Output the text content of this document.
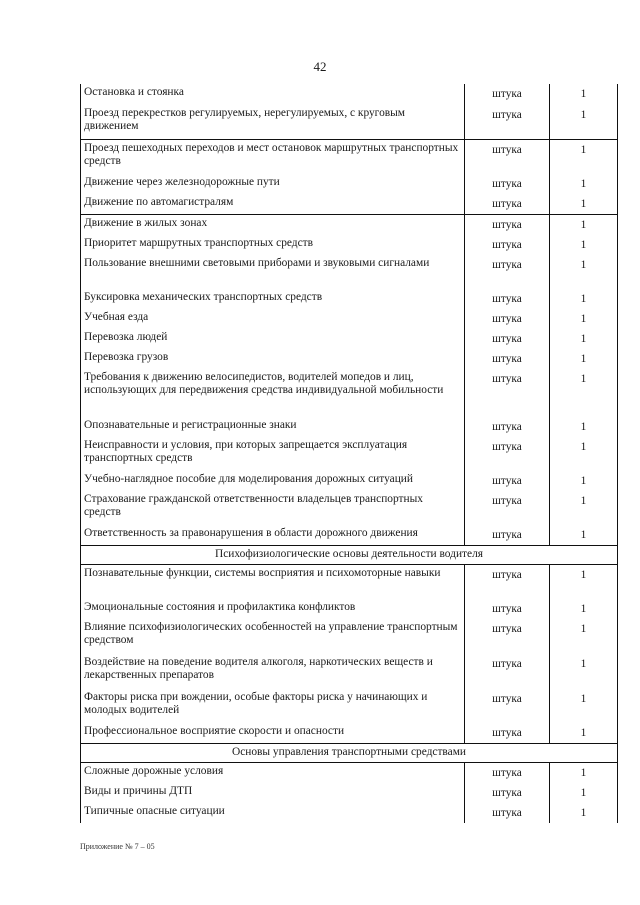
42
Остановка и стоянка	штука	1
Проезд перекрестков регулируемых, нерегулируемых, с круговым движением	штука	1
Проезд пешеходных переходов и мест остановок маршрутных транспортных средств	штука	1
Движение через железнодорожные пути	штука	1
Движение по автомагистралям	штука	1
Движение в жилых зонах	штука	1
Приоритет маршрутных транспортных средств	штука	1
Пользование внешними световыми приборами и звуковыми сигналами	штука	1
Буксировка механических транспортных средств	штука	1
Учебная езда	штука	1
Перевозка людей	штука	1
Перевозка грузов	штука	1
Требования к движению велосипедистов, водителей мопедов и лиц, использующих для передвижения средства индивидуальной мобильности	штука	1
Опознавательные и регистрационные знаки	штука	1
Неисправности и условия, при которых запрещается эксплуатация транспортных средств	штука	1
Учебно-наглядное пособие для моделирования дорожных ситуаций	штука	1
Страхование гражданской ответственности владельцев транспортных средств	штука	1
Ответственность за правонарушения в области дорожного движения	штука	1
Психофизиологические основы деятельности водителя		
Познавательные функции, системы восприятия и психомоторные навыки	штука	1
Эмоциональные состояния и профилактика конфликтов	штука	1
Влияние психофизиологических особенностей на управление транспортным средством	штука	1
Воздействие на поведение водителя алкоголя, наркотических веществ и лекарственных препаратов	штука	1
Факторы риска при вождении, особые факторы риска у начинающих и молодых водителей	штука	1
Профессиональное восприятие скорости и опасности	штука	1
Основы управления транспортными средствами		
Сложные дорожные условия	штука	1
Виды и причины ДТП	штука	1
Типичные опасные ситуации	штука	1
Приложение № 7 – 05
